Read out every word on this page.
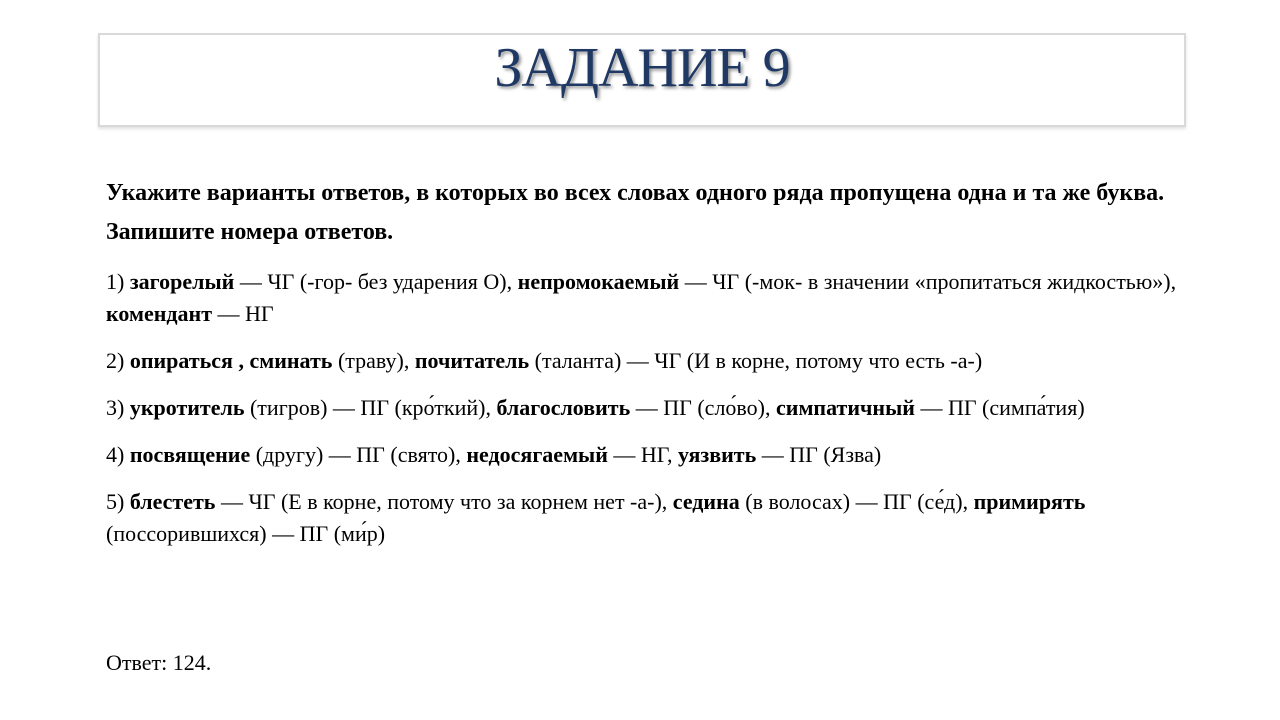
ЗАДАНИЕ 9

Укажите варианты ответов, в которых во всех словах одного ряда пропущена одна и та же буква. Запишите номера ответов.

1) загорелый — ЧГ (-гор- без ударения О), непромокаемый — ЧГ (-мок- в значении «пропитаться жидкостью»), комендант — НГ

2) опираться , сминать (траву), почитатель (таланта) — ЧГ (И в корне, потому что есть -а-)

3) укротитель (тигров) — ПГ (кро́ткий), благословить — ПГ (сло́во), симпатичный — ПГ (симпа́тия)

4) посвящение (другу) — ПГ (свято), недосягаемый — НГ, уязвить — ПГ (Язва)

5) блестеть — ЧГ (Е в корне, потому что за корнем нет -а-), седина (в волосах) — ПГ (се́д), примирять (поссорившихся) — ПГ (ми́р)

Ответ: 124.
